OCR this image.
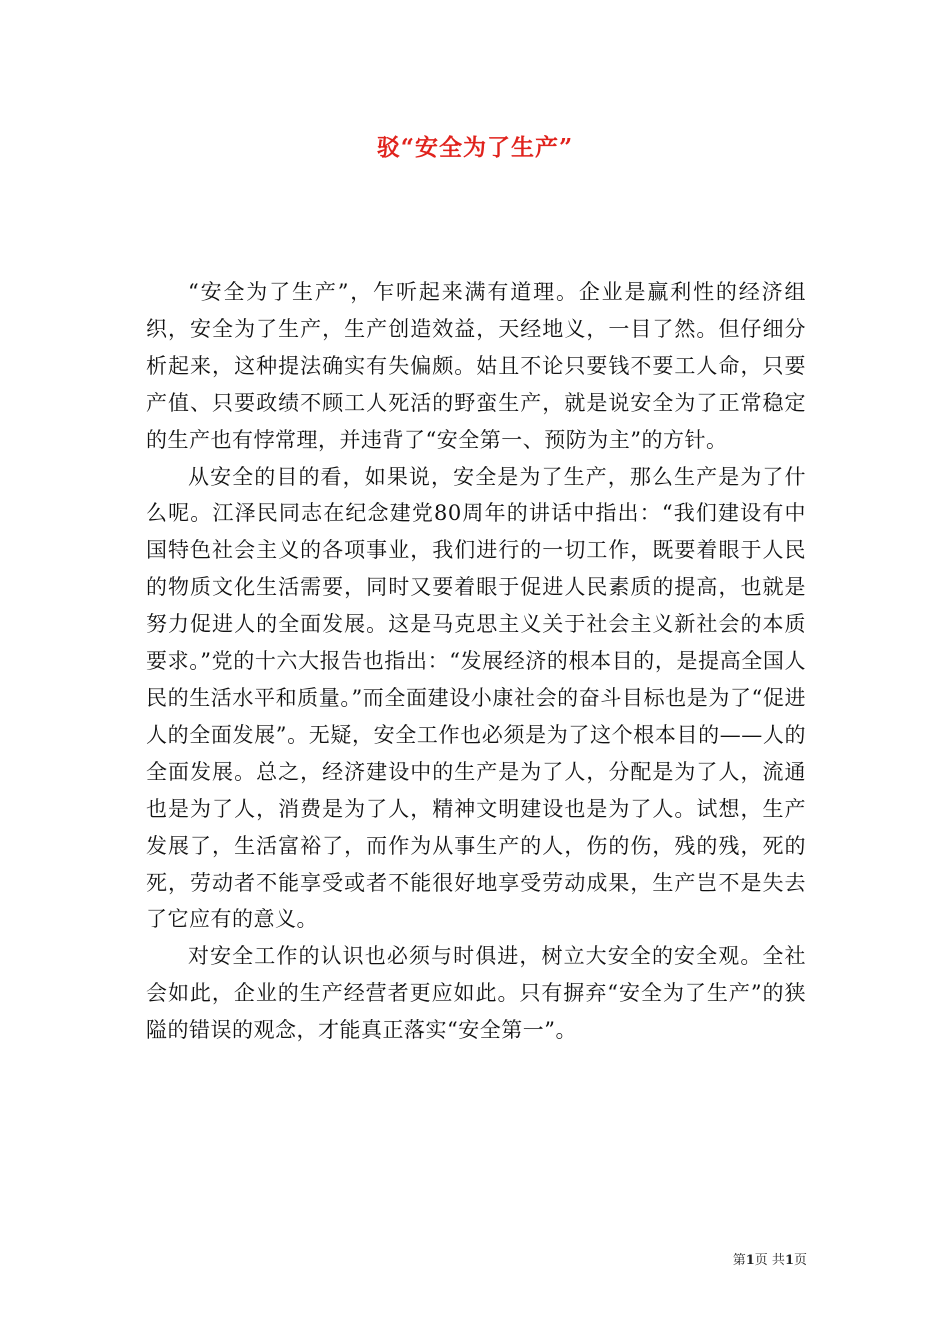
驳“安全为了生产”

“安全为了生产”，乍听起来满有道理。企业是赢利性的经济组织，安全为了生产，生产创造效益，天经地义，一目了然。但仔细分析起来，这种提法确实有失偏颇。姑且不论只要钱不要工人命，只要产值、只要政绩不顾工人死活的野蛮生产，就是说安全为了正常稳定的生产也有悖常理，并违背了“安全第一、预防为主”的方针。

从安全的目的看，如果说，安全是为了生产，那么生产是为了什么呢。江泽民同志在纪念建党80周年的讲话中指出：“我们建设有中国特色社会主义的各项事业，我们进行的一切工作，既要着眼于人民的物质文化生活需要，同时又要着眼于促进人民素质的提高，也就是努力促进人的全面发展。这是马克思主义关于社会主义新社会的本质要求。”党的十六大报告也指出：“发展经济的根本目的，是提高全国人民的生活水平和质量。”而全面建设小康社会的奋斗目标也是为了“促进人的全面发展”。无疑，安全工作也必须是为了这个根本目的——人的全面发展。总之，经济建设中的生产是为了人，分配是为了人，流通也是为了人，消费是为了人，精神文明建设也是为了人。试想，生产发展了，生活富裕了，而作为从事生产的人，伤的伤，残的残，死的死，劳动者不能享受或者不能很好地享受劳动成果，生产岂不是失去了它应有的意义。

对安全工作的认识也必须与时俱进，树立大安全的安全观。全社会如此，企业的生产经营者更应如此。只有摒弃“安全为了生产”的狭隘的错误的观念，才能真正落实“安全第一”。

第1页 共1页
